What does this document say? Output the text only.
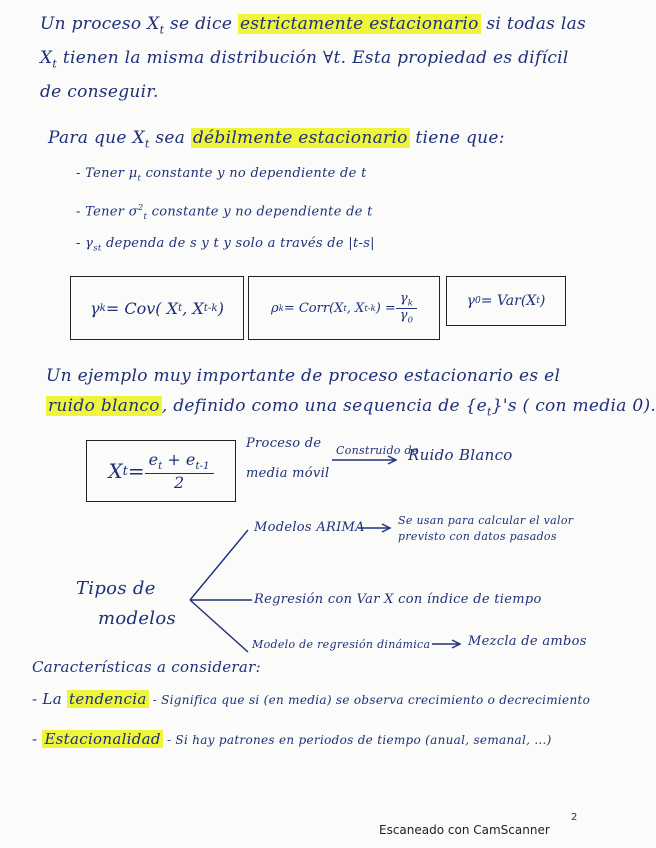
Un proceso $X_t$ se dice estrictamente estacionario si todas las
$X_t$ tienen la misma distribución ∀t. Esta propiedad es difícil
de conseguir.
Para que $X_t$ sea débilmente estacionario tiene que:
- Tener $\mu_t$ constante y no dependiente de t
- Tener $\sigma^2_t$ constante y no dependiente de t
- $\gamma_{st}$ dependa de s y t y solo a través de |t-s|
γ k = Cov( X t , X t-k )	ρ k = Corr(X t , X t-k ) = $\frac{\gamma_k}{\gamma_0}$	γ 0 = Var(X t )
Un ejemplo muy importante de proceso estacionario es el
ruido blanco , definido como una sequencia de $\{e_t\}'s$ ( con media 0).
X $t = \frac{e_t + e_{t-1}}{2}$
Proceso de
media móvil
Construido de
Ruido Blanco
Tipos de
modelos
Modelos ARIMA	Se usan para calcular el valor
previsto con datos pasados
Regresión con Var X con índice de tiempo
Modelo de regresión dinámica	Mezcla de ambos
Características a considerar:
- La tendencia - Significa que si (en media) se observa crecimiento o decrecimiento
- Estacionalidad - Si hay patrones en periodos de tiempo (anual, semanal, ...)
2
Escaneado con CamScanner
